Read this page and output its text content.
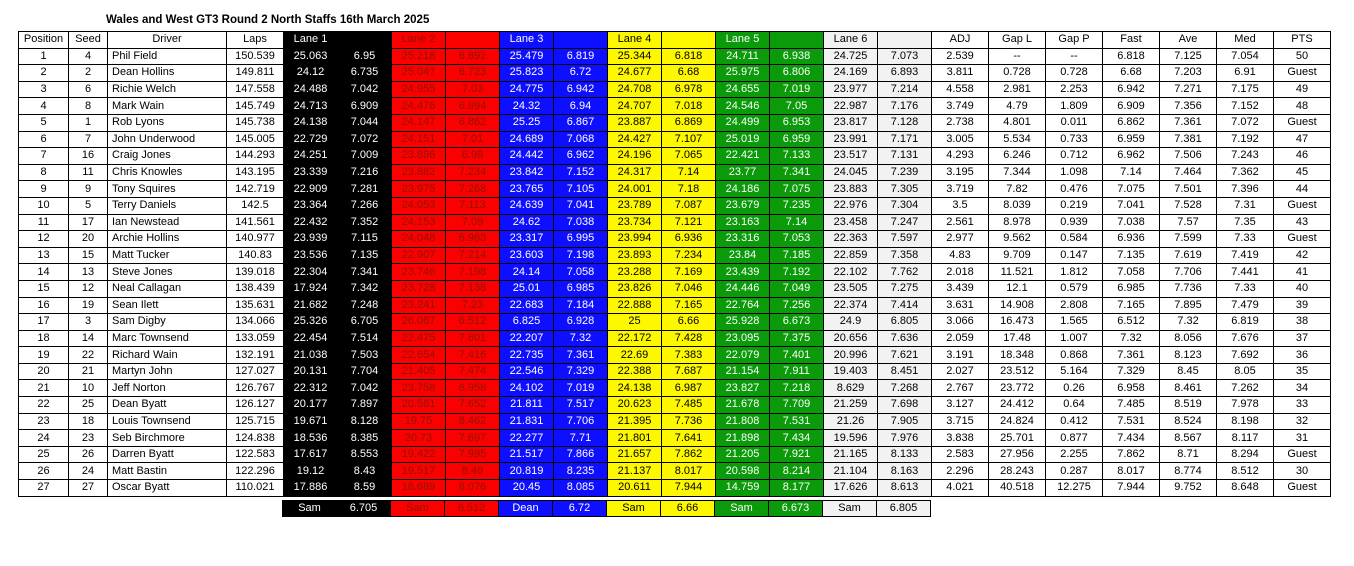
Wales and West GT3 Round 2 North Staffs 16th March 2025
Position	Seed	Driver	Laps	Lane 1		Lane 2		Lane 3		Lane 4		Lane 5		Lane 6		ADJ	Gap L	Gap P	Fast	Ave	Med	PTS
1	4	Phil Field	150.539	25.063	6.95	25.218	6.892	25.479	6.819	25.344	6.818	24.711	6.938	24.725	7.073	2.539	--	--	6.818	7.125	7.054	50
2	2	Dean Hollins	149.811	24.12	6.735	25.047	6.723	25.823	6.72	24.677	6.68	25.975	6.806	24.169	6.893	3.811	0.728	0.728	6.68	7.203	6.91	Guest
3	6	Richie Welch	147.558	24.488	7.042	24.955	7.03	24.775	6.942	24.708	6.978	24.655	7.019	23.977	7.214	4.558	2.981	2.253	6.942	7.271	7.175	49
4	8	Mark Wain	145.749	24.713	6.909	24.476	6.994	24.32	6.94	24.707	7.018	24.546	7.05	22.987	7.176	3.749	4.79	1.809	6.909	7.356	7.152	48
5	1	Rob Lyons	145.738	24.138	7.044	24.147	6.862	25.25	6.867	23.887	6.869	24.499	6.953	23.817	7.128	2.738	4.801	0.011	6.862	7.361	7.072	Guest
6	7	John Underwood	145.005	22.729	7.072	24.151	7.01	24.689	7.068	24.427	7.107	25.019	6.959	23.991	7.171	3.005	5.534	0.733	6.959	7.381	7.192	47
7	16	Craig Jones	144.293	24.251	7.009	23.896	6.98	24.442	6.962	24.196	7.065	22.421	7.133	23.517	7.131	4.293	6.246	0.712	6.962	7.506	7.243	46
8	11	Chris Knowles	143.195	23.339	7.216	23.882	7.234	23.842	7.152	24.317	7.14	23.77	7.341	24.045	7.239	3.195	7.344	1.098	7.14	7.464	7.362	45
9	9	Tony Squires	142.719	22.909	7.281	23.975	7.268	23.765	7.105	24.001	7.18	24.186	7.075	23.883	7.305	3.719	7.82	0.476	7.075	7.501	7.396	44
10	5	Terry Daniels	142.5	23.364	7.266	24.053	7.113	24.639	7.041	23.789	7.087	23.679	7.235	22.976	7.304	3.5	8.039	0.219	7.041	7.528	7.31	Guest
11	17	Ian Newstead	141.561	22.432	7.352	24.153	7.09	24.62	7.038	23.734	7.121	23.163	7.14	23.458	7.247	2.561	8.978	0.939	7.038	7.57	7.35	43
12	20	Archie Hollins	140.977	23.939	7.115	24.048	6.963	23.317	6.995	23.994	6.936	23.316	7.053	22.363	7.597	2.977	9.562	0.584	6.936	7.599	7.33	Guest
13	15	Matt Tucker	140.83	23.536	7.135	22.907	7.214	23.603	7.198	23.893	7.234	23.84	7.185	22.859	7.358	4.83	9.709	0.147	7.135	7.619	7.419	42
14	13	Steve Jones	139.018	22.304	7.341	23.746	7.198	24.14	7.058	23.288	7.169	23.439	7.192	22.102	7.762	2.018	11.521	1.812	7.058	7.706	7.441	41
15	12	Neal Callagan	138.439	17.924	7.342	23.728	7.138	25.01	6.985	23.826	7.046	24.446	7.049	23.505	7.275	3.439	12.1	0.579	6.985	7.736	7.33	40
16	19	Sean Ilett	135.631	21.682	7.248	23.241	7.23	22.683	7.184	22.888	7.165	22.764	7.256	22.374	7.414	3.631	14.908	2.808	7.165	7.895	7.479	39
17	3	Sam Digby	134.066	25.326	6.705	26.087	6.512	6.825	6.928	25	6.66	25.928	6.673	24.9	6.805	3.066	16.473	1.565	6.512	7.32	6.819	38
18	14	Marc Townsend	133.059	22.454	7.514	22.475	7.601	22.207	7.32	22.172	7.428	23.095	7.375	20.656	7.636	2.059	17.48	1.007	7.32	8.056	7.676	37
19	22	Richard Wain	132.191	21.038	7.503	22.654	7.416	22.735	7.361	22.69	7.383	22.079	7.401	20.996	7.621	3.191	18.348	0.868	7.361	8.123	7.692	36
20	21	Martyn John	127.027	20.131	7.704	21.405	7.474	22.546	7.329	22.388	7.687	21.154	7.911	19.403	8.451	2.027	23.512	5.164	7.329	8.45	8.05	35
21	10	Jeff Norton	126.767	22.312	7.042	23.758	6.958	24.102	7.019	24.138	6.987	23.827	7.218	8.629	7.268	2.767	23.772	0.26	6.958	8.461	7.262	34
22	25	Dean Byatt	126.127	20.177	7.897	20.581	7.652	21.811	7.517	20.623	7.485	21.678	7.709	21.259	7.698	3.127	24.412	0.64	7.485	8.519	7.978	33
23	18	Louis Townsend	125.715	19.671	8.128	19.75	8.462	21.831	7.706	21.395	7.736	21.808	7.531	21.26	7.905	3.715	24.824	0.412	7.531	8.524	8.198	32
24	23	Seb Birchmore	124.838	18.536	8.385	20.73	7.697	22.277	7.71	21.801	7.641	21.898	7.434	19.596	7.976	3.838	25.701	0.877	7.434	8.567	8.117	31
25	26	Darren Byatt	122.583	17.617	8.553	19.422	7.995	21.517	7.866	21.657	7.862	21.205	7.921	21.165	8.133	2.583	27.956	2.255	7.862	8.71	8.294	Guest
26	24	Matt Bastin	122.296	19.12	8.43	19.517	8.49	20.819	8.235	21.137	8.017	20.598	8.214	21.104	8.163	2.296	28.243	0.287	8.017	8.774	8.512	30
27	27	Oscar Byatt	110.021	17.886	8.59	18.689	8.076	20.45	8.085	20.611	7.944	14.759	8.177	17.626	8.613	4.021	40.518	12.275	7.944	9.752	8.648	Guest
Sam	6.705	Sam	6.512	Dean	6.72	Sam	6.66	Sam	6.673	Sam	6.805
